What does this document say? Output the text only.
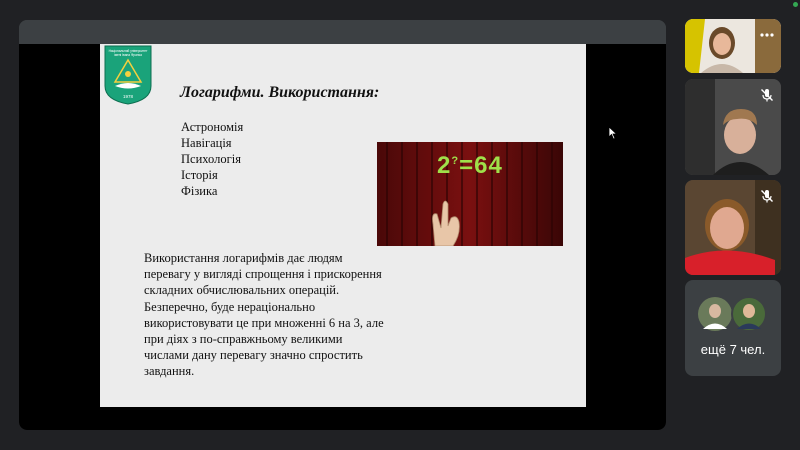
Національний університет
імені Івана Франка
1978	Логарифми. Використання:
Астрономія
Навігація
Психологія
Історія
Фізика
2?=64
Використання логарифмів дає людям перевагу у вигляді спрощення і прискорення складних обчислювальних операцій. Безперечно, буде нераціонально використовувати це при множенні 6 на 3, але при діях з по-справжньому великими числами дану перевагу значно спростить завдання.
ещё 7 чел.
